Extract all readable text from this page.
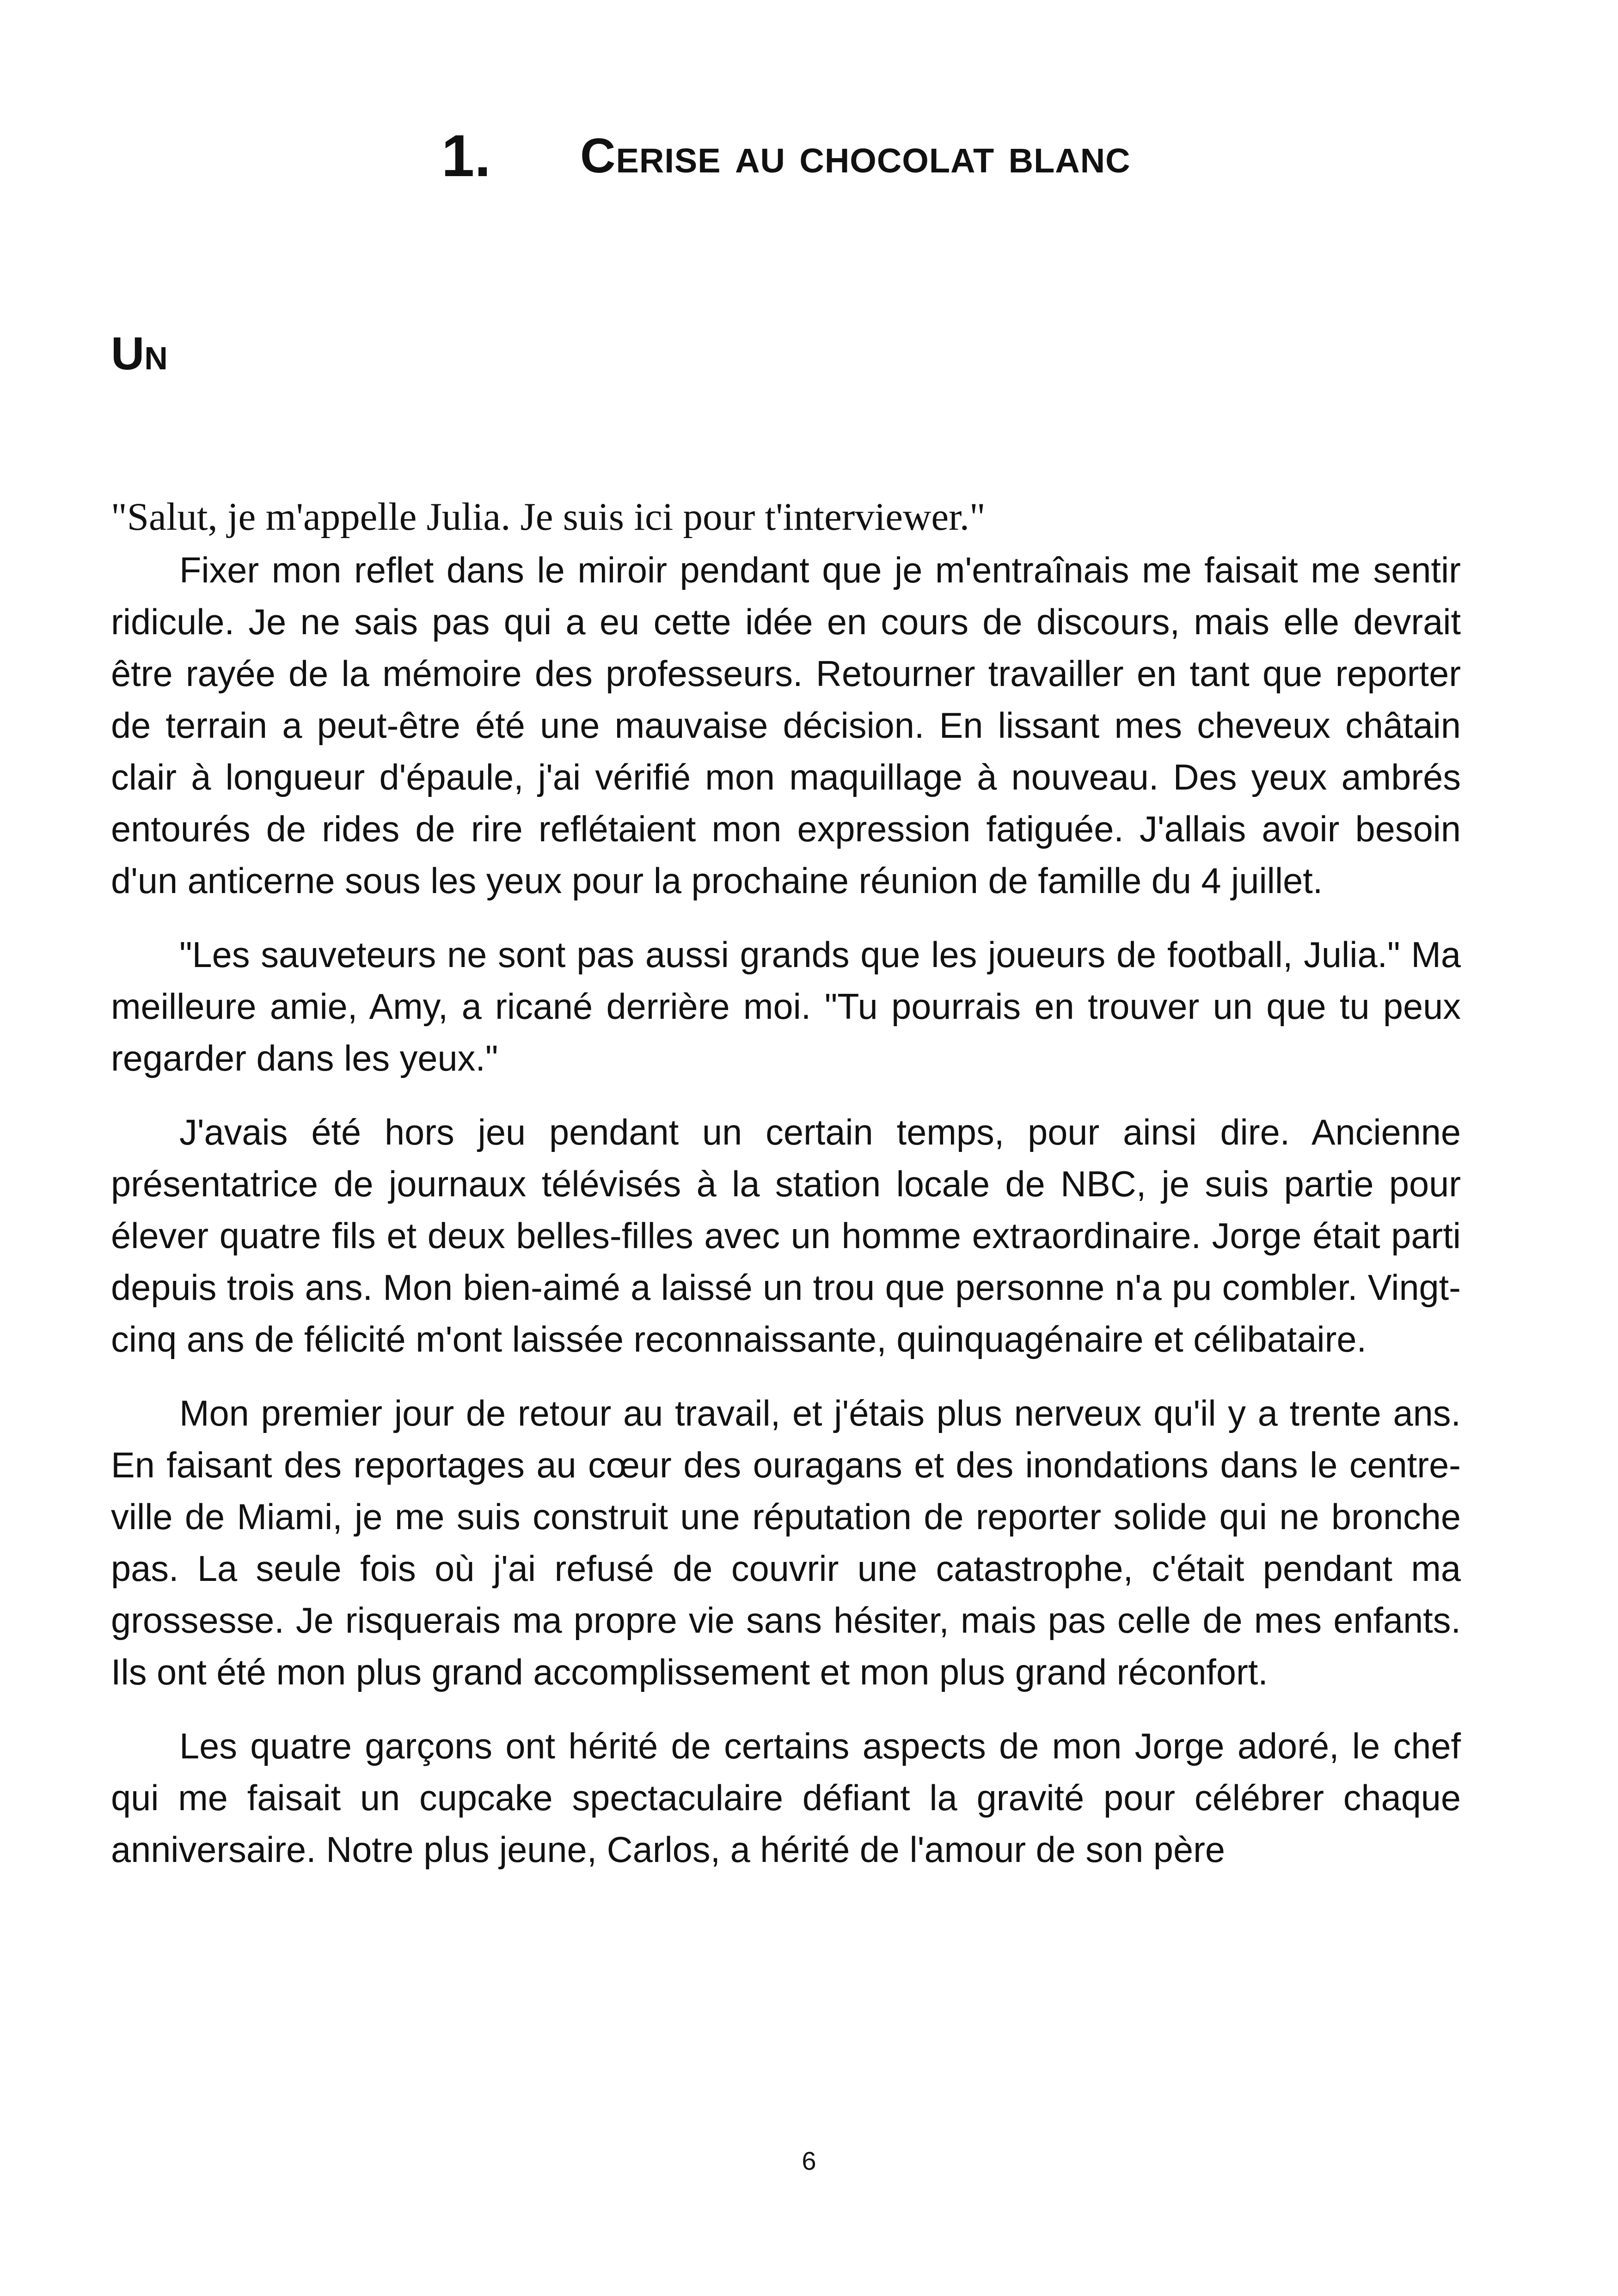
1.	Cerise au chocolat blanc
Un

"Salut, je m'appelle Julia. Je suis ici pour t'interviewer."

Fixer mon reflet dans le miroir pendant que je m'entraînais me faisait me sentir ridicule. Je ne sais pas qui a eu cette idée en cours de discours, mais elle devrait être rayée de la mémoire des professeurs. Retourner travailler en tant que reporter de terrain a peut-être été une mauvaise décision. En lissant mes cheveux châtain clair à longueur d'épaule, j'ai vérifié mon maquillage à nouveau. Des yeux ambrés entourés de rides de rire reflétaient mon expression fatiguée. J'allais avoir besoin d'un anticerne sous les yeux pour la prochaine réunion de famille du 4 juillet.

"Les sauveteurs ne sont pas aussi grands que les joueurs de football, Julia." Ma meilleure amie, Amy, a ricané derrière moi. "Tu pourrais en trouver un que tu peux regarder dans les yeux."

J'avais été hors jeu pendant un certain temps, pour ainsi dire. Ancienne présentatrice de journaux télévisés à la station locale de NBC, je suis partie pour élever quatre fils et deux belles-filles avec un homme extraordinaire. Jorge était parti depuis trois ans. Mon bien-aimé a laissé un trou que personne n'a pu combler. Vingt-cinq ans de félicité m'ont laissée reconnaissante, quinquagénaire et célibataire.

Mon premier jour de retour au travail, et j'étais plus nerveux qu'il y a trente ans. En faisant des reportages au cœur des ouragans et des inondations dans le centre-ville de Miami, je me suis construit une réputation de reporter solide qui ne bronche pas. La seule fois où j'ai refusé de couvrir une catastrophe, c'était pendant ma grossesse. Je risquerais ma propre vie sans hésiter, mais pas celle de mes enfants. Ils ont été mon plus grand accomplissement et mon plus grand réconfort.

Les quatre garçons ont hérité de certains aspects de mon Jorge adoré, le chef qui me faisait un cupcake spectaculaire défiant la gravité pour célébrer chaque anniversaire. Notre plus jeune, Carlos, a hérité de l'amour de son père

6
